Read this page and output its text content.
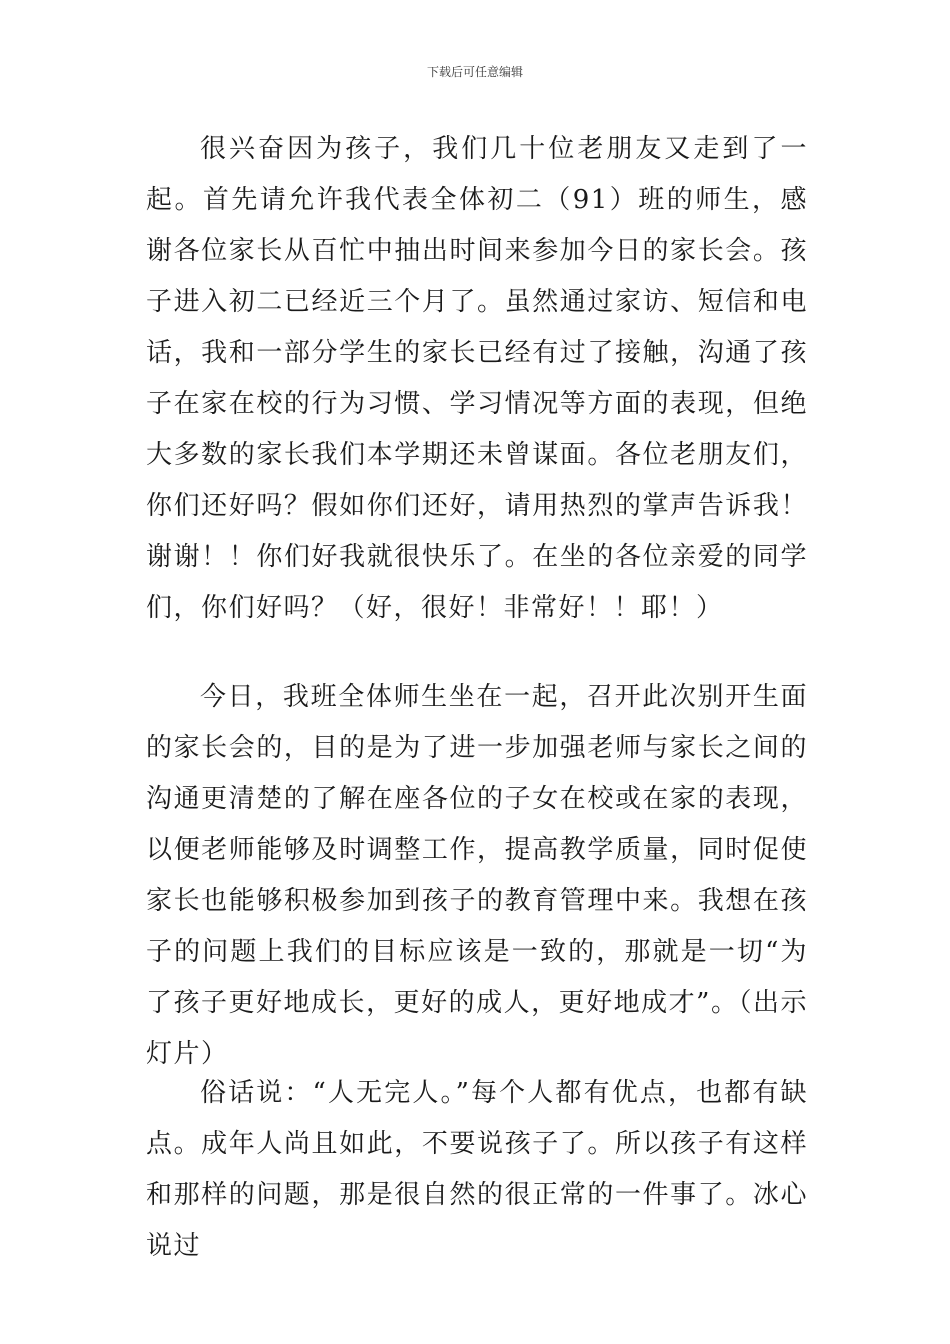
下载后可任意编辑

很兴奋因为孩子，我们几十位老朋友又走到了一起。首先请允许我代表全体初二（91）班的师生，感谢各位家长从百忙中抽出时间来参加今日的家长会。孩子进入初二已经近三个月了。虽然通过家访、短信和电话，我和一部分学生的家长已经有过了接触，沟通了孩子在家在校的行为习惯、学习情况等方面的表现，但绝大多数的家长我们本学期还未曾谋面。各位老朋友们，你们还好吗？假如你们还好，请用热烈的掌声告诉我！谢谢！！你们好我就很快乐了。在坐的各位亲爱的同学们，你们好吗？（好，很好！非常好！！耶！）

今日，我班全体师生坐在一起，召开此次别开生面的家长会的，目的是为了进一步加强老师与家长之间的沟通更清楚的了解在座各位的子女在校或在家的表现，以便老师能够及时调整工作，提高教学质量，同时促使家长也能够积极参加到孩子的教育管理中来。我想在孩子的问题上我们的目标应该是一致的，那就是一切“为了孩子更好地成长，更好的成人，更好地成才”。（出示灯片）

俗话说：“人无完人。”每个人都有优点，也都有缺点。成年人尚且如此，不要说孩子了。所以孩子有这样和那样的问题，那是很自然的很正常的一件事了。冰心说过
